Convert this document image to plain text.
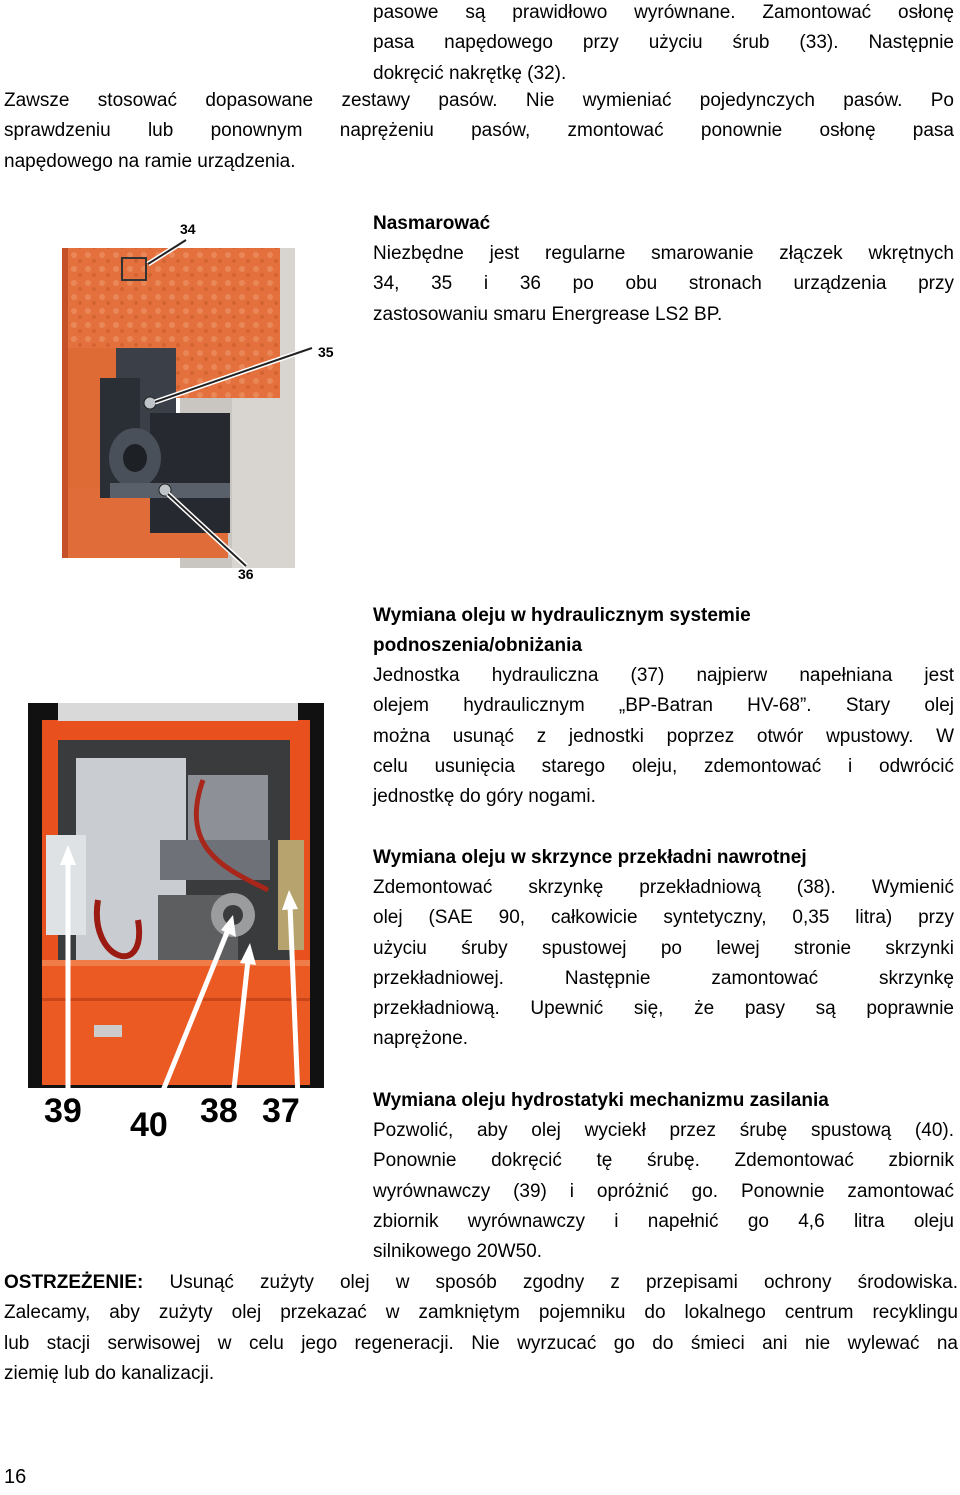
pasowe są prawidłowo wyrównane. Zamontować osłonę
pasa napędowego przy użyciu śrub (33). Następnie
dokręcić nakrętkę (32).
Zawsze stosować dopasowane zestawy pasów. Nie wymieniać pojedynczych pasów. Po
sprawdzeniu lub ponownym naprężeniu pasów, zmontować ponownie osłonę pasa
napędowego na ramie urządzenia.
34
35
36
Nasmarować
Niezbędne jest regularne smarowanie złączek wkrętnych
34, 35 i 36 po obu stronach urządzenia przy
zastosowaniu smaru Energrease LS2 BP.
39 40 38 37
Wymiana oleju w hydraulicznym systemie
podnoszenia/obniżania
Jednostka hydrauliczna (37) najpierw napełniana jest
olejem hydraulicznym „BP-Batran HV-68”. Stary olej
można usunąć z jednostki poprzez otwór wpustowy. W
celu usunięcia starego oleju, zdemontować i odwrócić
jednostkę do góry nogami.
Wymiana oleju w skrzynce przekładni nawrotnej
Zdemontować skrzynkę przekładniową (38). Wymienić
olej (SAE 90, całkowicie syntetyczny, 0,35 litra) przy
użyciu śruby spustowej po lewej stronie skrzynki
przekładniowej. Następnie zamontować skrzynkę
przekładniową. Upewnić się, że pasy są poprawnie
naprężone.
Wymiana oleju hydrostatyki mechanizmu zasilania
Pozwolić, aby olej wyciekł przez śrubę spustową (40).
Ponownie dokręcić tę śrubę. Zdemontować zbiornik
wyrównawczy (39) i opróżnić go. Ponownie zamontować
zbiornik wyrównawczy i napełnić go 4,6 litra oleju
silnikowego 20W50.
OSTRZEŻENIE: Usunąć zużyty olej w sposób zgodny z przepisami ochrony środowiska.
Zalecamy, aby zużyty olej przekazać w zamkniętym pojemniku do lokalnego centrum recyklingu
lub stacji serwisowej w celu jego regeneracji. Nie wyrzucać go do śmieci ani nie wylewać na
ziemię lub do kanalizacji.
16
